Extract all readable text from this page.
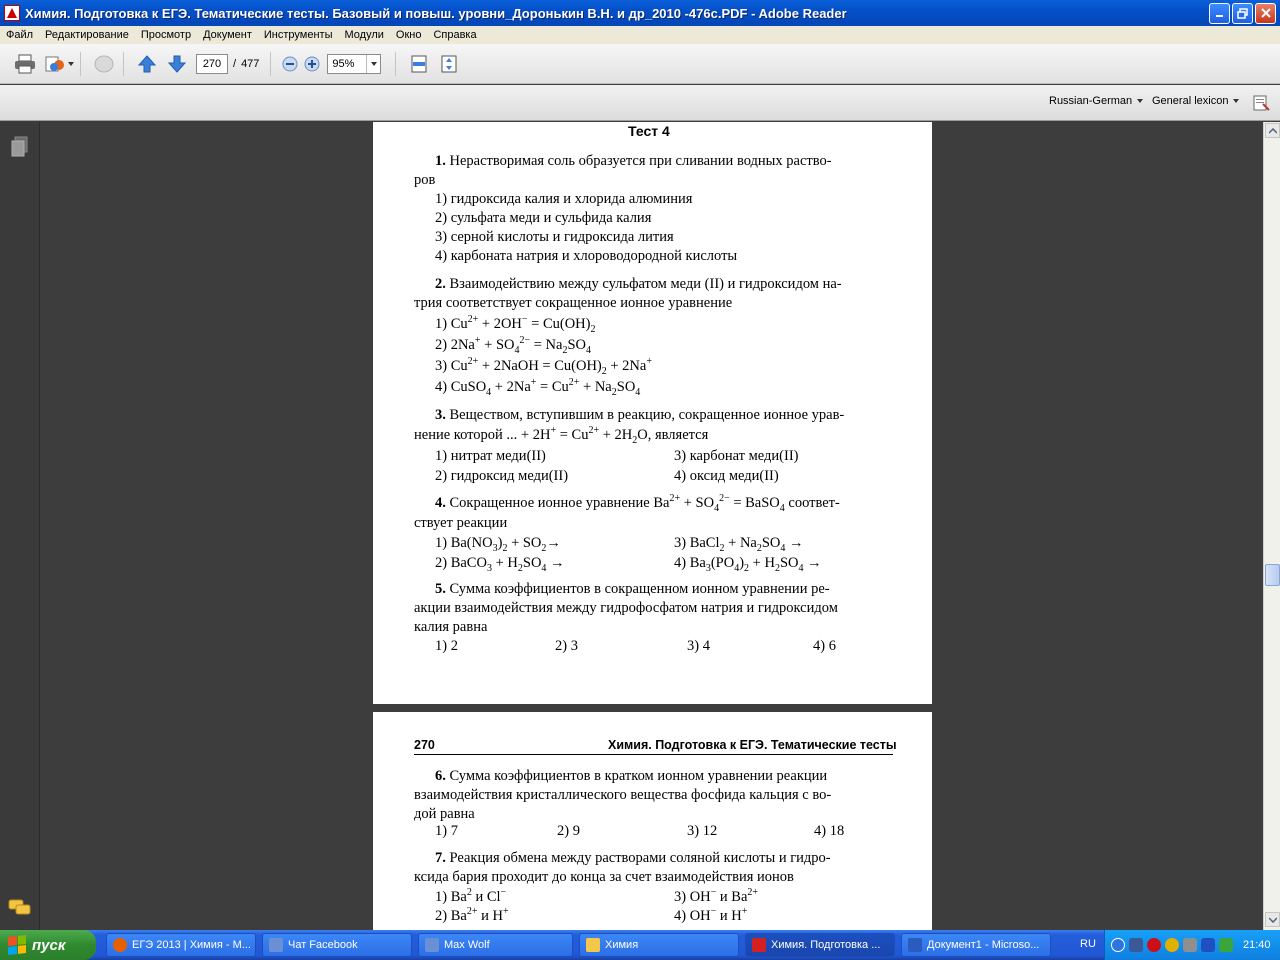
Химия. Подготовка к ЕГЭ. Тематические тесты. Базовый и повыш. уровни_Доронькин В.Н. и др_2010 -476с.PDF - Adobe Reader
Файл	Редактирование	Просмотр	Документ	Инструменты	Модули	Окно	Справка
270
/ 477	95%
Russian-German General lexicon
Тест 4
1. Нерастворимая соль образуется при сливании водных раство-
ров
1) гидроксида калия и хлорида алюминия
2) сульфата меди и сульфида калия
3) серной кислоты и гидроксида лития
4) карбоната натрия и хлороводородной кислоты
2. Взаимодействию между сульфатом меди (II) и гидроксидом на-
трия соответствует сокращенное ионное уравнение
1) $Cu^{2+} + 2OH^- = Cu(OH)_2$
2) $2Na^+ + SO_4^{2-} = Na_2SO_4$
3) $Cu^{2+}$ + 2NaOH = $Cu(OH)_2 + 2Na^+$
4) CuSO$_4$ + $2Na^+ = Cu^{2+} + Na_2SO_4$
3. Веществом, вступившим в реакцию, сокращенное ионное урав-
нение которой ... + $2H^+ = Cu^{2+} + 2H_2O$, является
1) нитрат меди(II)	3) карбонат меди(II)
2) гидроксид меди(II)	4) оксид меди(II)
4. Сокращенное ионное уравнение $Ba^{2+} + SO_4^{2-}$ = BaSO$_4$ соответ-
ствует реакции
1) $Ba(NO_3)_2 + SO_2\to$	3) BaCl$_2$ + $Na_2SO_4$ →
2) BaCO$_3$ + $H_2SO_4$ →	4) $Ba_3(PO_4)_2 + H_2SO_4$ →
5. Сумма коэффициентов в сокращенном ионном уравнении ре-
акции взаимодействия между гидрофосфатом натрия и гидроксидом
калия равна
1) 2	2) 3	3) 4	4) 6
270	Химия. Подготовка к ЕГЭ. Тематические тесты
6. Сумма коэффициентов в кратком ионном уравнении реакции
взаимодействия кристаллического вещества фосфида кальция с во-
дой равна
1) 7	2) 9	3) 12	4) 18
7. Реакция обмена между растворами соляной кислоты и гидро-
ксида бария проходит до конца за счет взаимодействия ионов
1) Ba$^2$ и Cl−	3) OH− и $Ba^{2+}$
2) $Ba^{2+}$ и H+	4) OH− и H+
пуск	ЕГЭ 2013 | Химия - М...	Чат Facebook	Max Wolf	Химия	Химия. Подготовка ...	Документ1 - Microso...	RU	21:40
